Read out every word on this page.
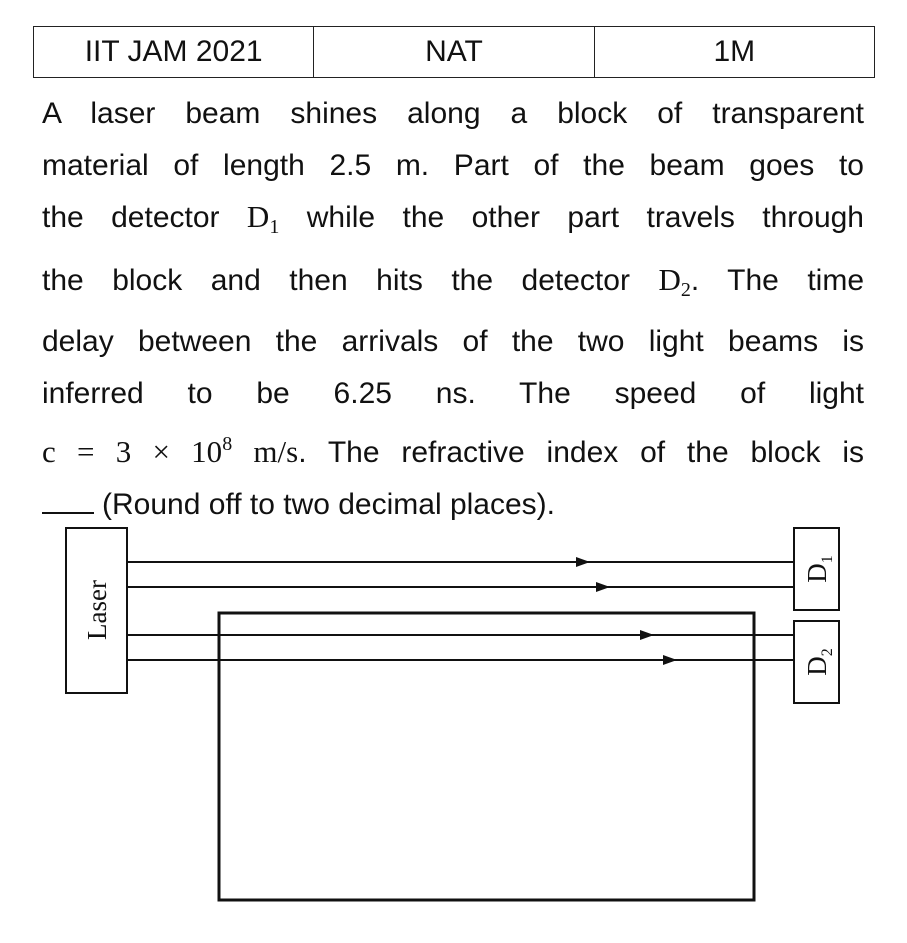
IIT JAM 2021	NAT	1M
A laser beam shines along a block of transparent
material of length 2.5 m. Part of the beam goes to
the detector $D_1$ while the other part travels through
the block and then hits the detector $D_2$. The time
delay between the arrivals of the two light beams is
inferred to be 6.25 ns. The speed of light
$c = 3 \times 10^8$ m/s. The refractive index of the block is
(Round off to two decimal places).
Laser
$D_1$
$D_2$
